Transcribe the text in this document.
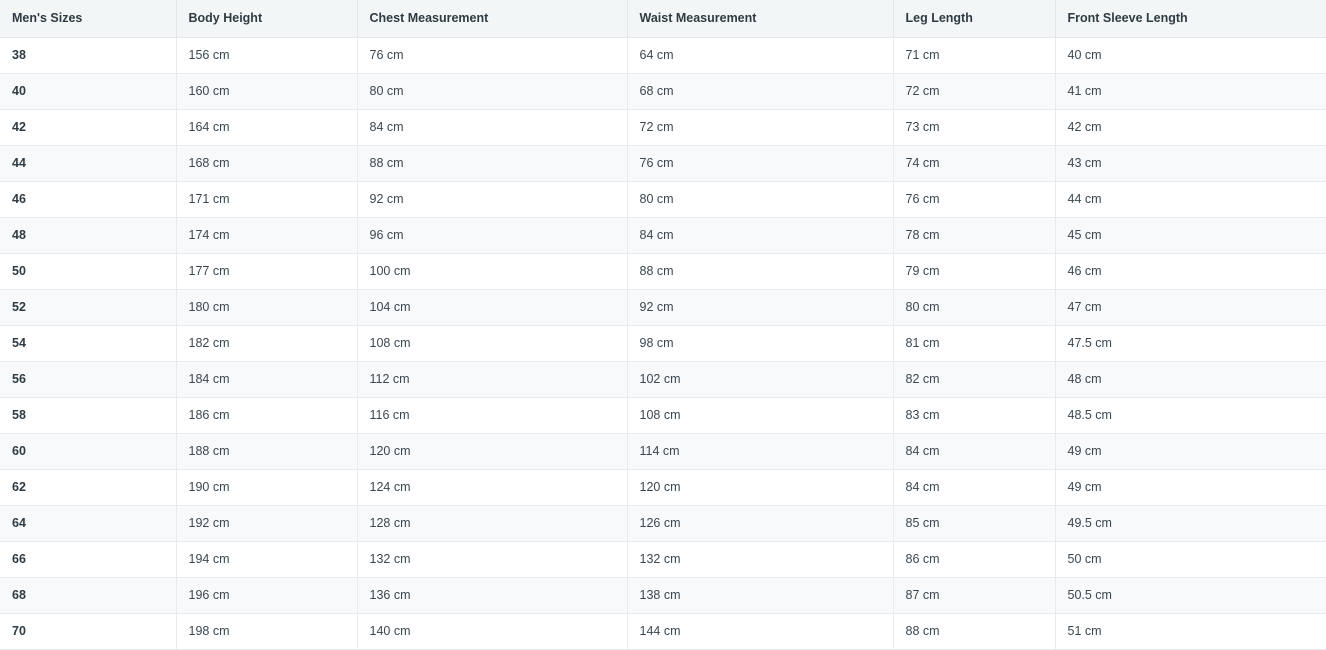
Men's Sizes	Body Height	Chest Measurement	Waist Measurement	Leg Length	Front Sleeve Length
38	156 cm	76 cm	64 cm	71 cm	40 cm
40	160 cm	80 cm	68 cm	72 cm	41 cm
42	164 cm	84 cm	72 cm	73 cm	42 cm
44	168 cm	88 cm	76 cm	74 cm	43 cm
46	171 cm	92 cm	80 cm	76 cm	44 cm
48	174 cm	96 cm	84 cm	78 cm	45 cm
50	177 cm	100 cm	88 cm	79 cm	46 cm
52	180 cm	104 cm	92 cm	80 cm	47 cm
54	182 cm	108 cm	98 cm	81 cm	47.5 cm
56	184 cm	112 cm	102 cm	82 cm	48 cm
58	186 cm	116 cm	108 cm	83 cm	48.5 cm
60	188 cm	120 cm	114 cm	84 cm	49 cm
62	190 cm	124 cm	120 cm	84 cm	49 cm
64	192 cm	128 cm	126 cm	85 cm	49.5 cm
66	194 cm	132 cm	132 cm	86 cm	50 cm
68	196 cm	136 cm	138 cm	87 cm	50.5 cm
70	198 cm	140 cm	144 cm	88 cm	51 cm
